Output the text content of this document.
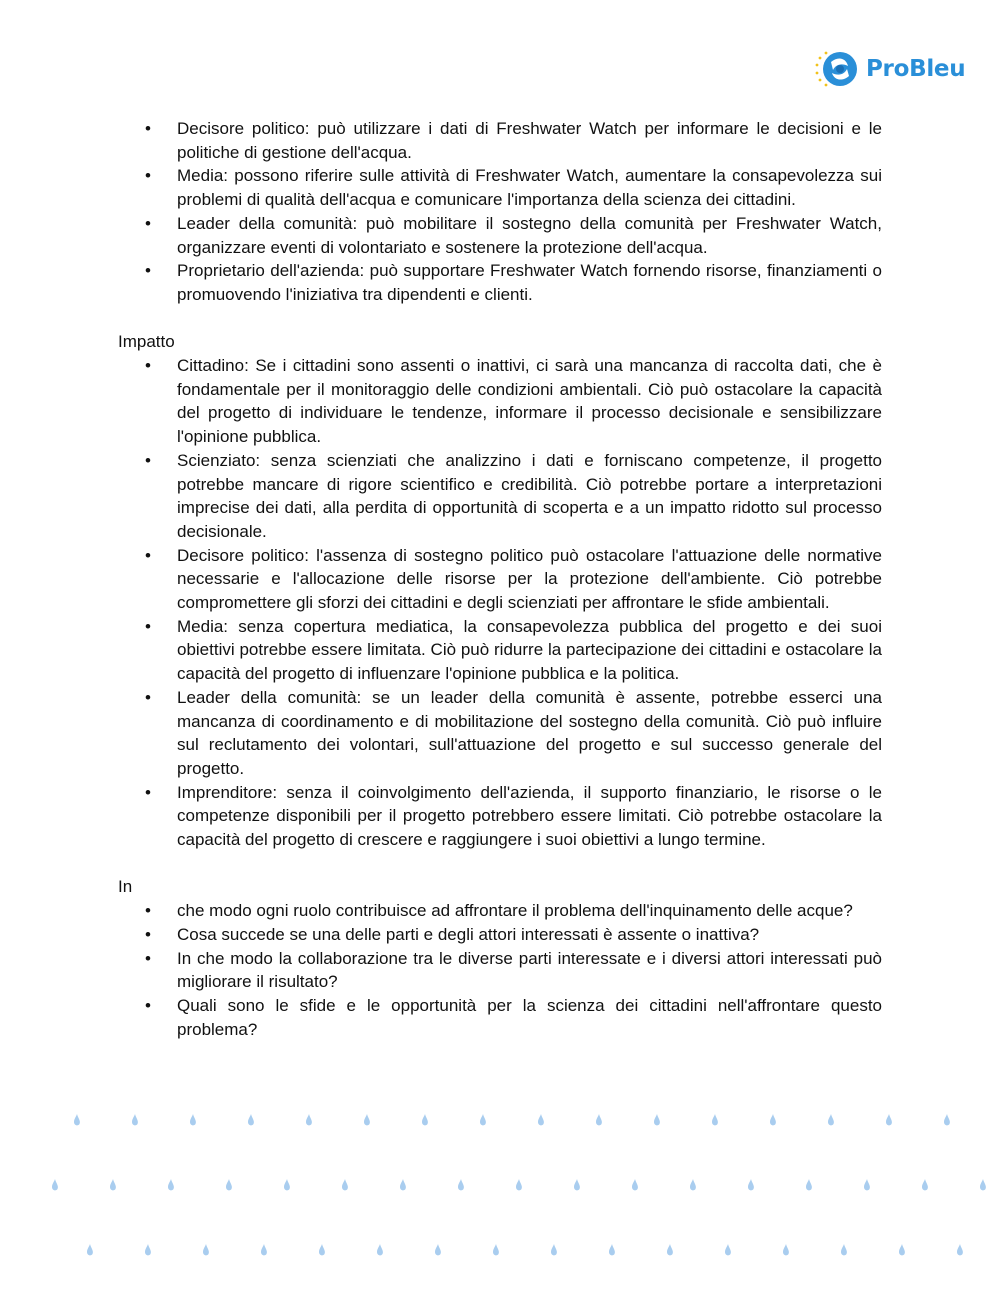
ProBleu
• Decisore politico: può utilizzare i dati di Freshwater Watch per informare le decisioni e le politiche di gestione dell'acqua.
• Media: possono riferire sulle attività di Freshwater Watch, aumentare la consapevolezza sui problemi di qualità dell'acqua e comunicare l'importanza della scienza dei cittadini.
• Leader della comunità: può mobilitare il sostegno della comunità per Freshwater Watch, organizzare eventi di volontariato e sostenere la protezione dell'acqua.
• Proprietario dell'azienda: può supportare Freshwater Watch fornendo risorse, finanziamenti o promuovendo l'iniziativa tra dipendenti e clienti.

Impatto

• Cittadino: Se i cittadini sono assenti o inattivi, ci sarà una mancanza di raccolta dati, che è fondamentale per il monitoraggio delle condizioni ambientali. Ciò può ostacolare la capacità del progetto di individuare le tendenze, informare il processo decisionale e sensibilizzare l'opinione pubblica.
• Scienziato: senza scienziati che analizzino i dati e forniscano competenze, il progetto potrebbe mancare di rigore scientifico e credibilità. Ciò potrebbe portare a interpretazioni imprecise dei dati, alla perdita di opportunità di scoperta e a un impatto ridotto sul processo decisionale.
• Decisore politico: l'assenza di sostegno politico può ostacolare l'attuazione delle normative necessarie e l'allocazione delle risorse per la protezione dell'ambiente. Ciò potrebbe compromettere gli sforzi dei cittadini e degli scienziati per affrontare le sfide ambientali.
• Media: senza copertura mediatica, la consapevolezza pubblica del progetto e dei suoi obiettivi potrebbe essere limitata. Ciò può ridurre la partecipazione dei cittadini e ostacolare la capacità del progetto di influenzare l'opinione pubblica e la politica.
• Leader della comunità: se un leader della comunità è assente, potrebbe esserci una mancanza di coordinamento e di mobilitazione del sostegno della comunità. Ciò può influire sul reclutamento dei volontari, sull'attuazione del progetto e sul successo generale del progetto.
• Imprenditore: senza il coinvolgimento dell'azienda, il supporto finanziario, le risorse o le competenze disponibili per il progetto potrebbero essere limitati. Ciò potrebbe ostacolare la capacità del progetto di crescere e raggiungere i suoi obiettivi a lungo termine.

In

• che modo ogni ruolo contribuisce ad affrontare il problema dell'inquinamento delle acque?
• Cosa succede se una delle parti e degli attori interessati è assente o inattiva?
• In che modo la collaborazione tra le diverse parti interessate e i diversi attori interessati può migliorare il risultato?
• Quali sono le sfide e le opportunità per la scienza dei cittadini nell'affrontare questo problema?
